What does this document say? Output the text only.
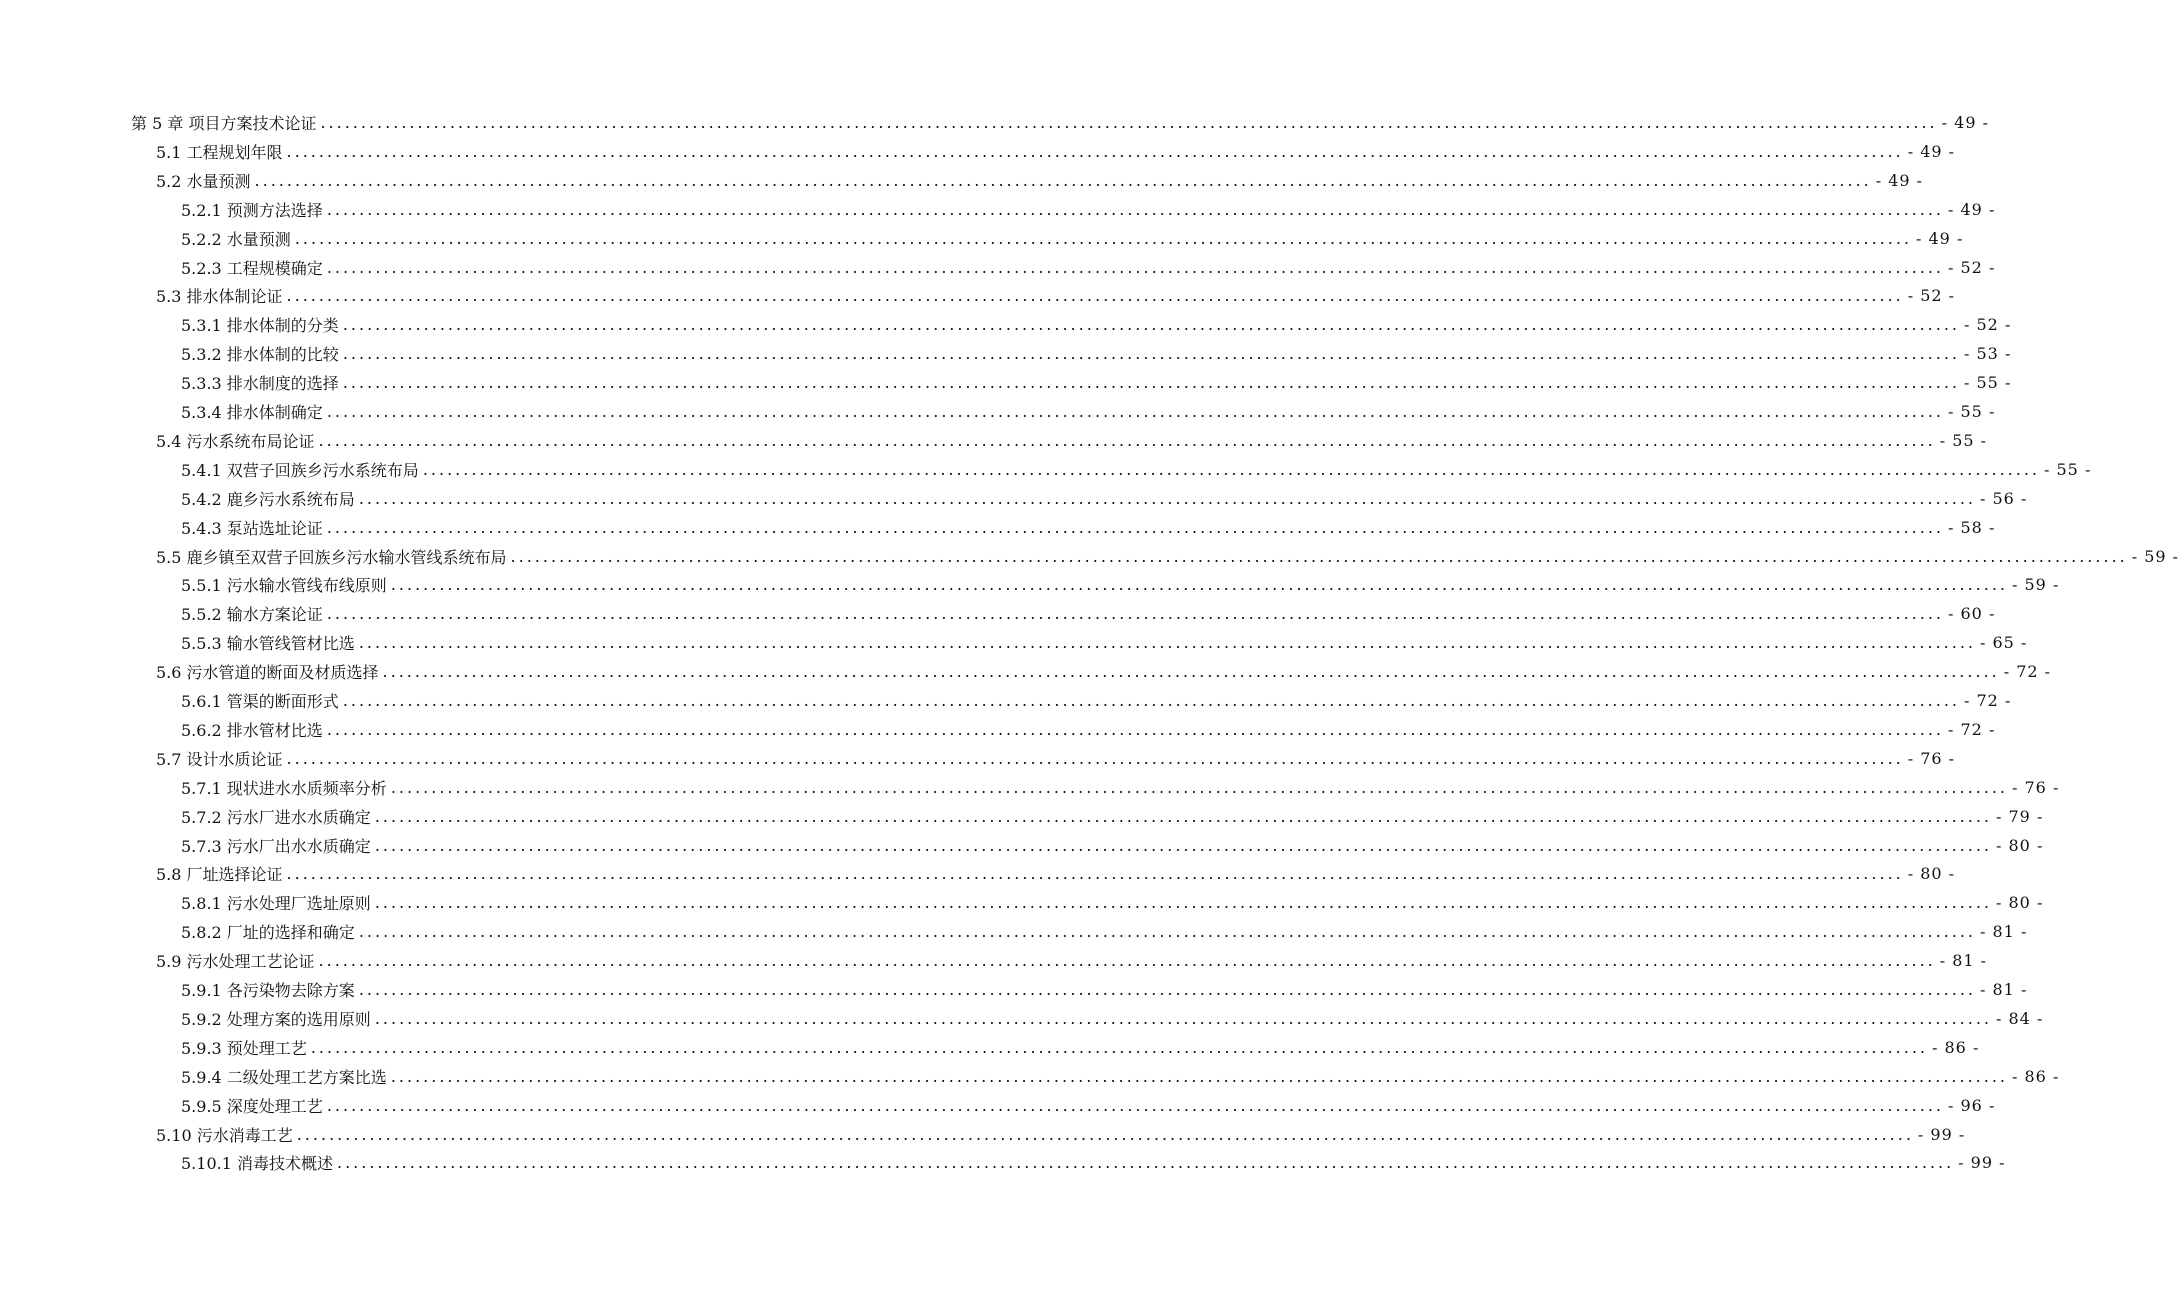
第 5 章 项目方案技术论证 ........................................................................................................................................................................................................ - 49 -
5.1 工程规划年限 ........................................................................................................................................................................................................ - 49 -
5.2 水量预测 ........................................................................................................................................................................................................ - 49 -
5.2.1 预测方法选择 ........................................................................................................................................................................................................ - 49 -
5.2.2 水量预测 ........................................................................................................................................................................................................ - 49 -
5.2.3 工程规模确定 ........................................................................................................................................................................................................ - 52 -
5.3 排水体制论证 ........................................................................................................................................................................................................ - 52 -
5.3.1 排水体制的分类 ........................................................................................................................................................................................................ - 52 -
5.3.2 排水体制的比较 ........................................................................................................................................................................................................ - 53 -
5.3.3 排水制度的选择 ........................................................................................................................................................................................................ - 55 -
5.3.4 排水体制确定 ........................................................................................................................................................................................................ - 55 -
5.4 污水系统布局论证 ........................................................................................................................................................................................................ - 55 -
5.4.1 双营子回族乡污水系统布局 ........................................................................................................................................................................................................ - 55 -
5.4.2 鹿乡污水系统布局 ........................................................................................................................................................................................................ - 56 -
5.4.3 泵站选址论证 ........................................................................................................................................................................................................ - 58 -
5.5 鹿乡镇至双营子回族乡污水输水管线系统布局 ........................................................................................................................................................................................................ - 59 -
5.5.1 污水输水管线布线原则 ........................................................................................................................................................................................................ - 59 -
5.5.2 输水方案论证 ........................................................................................................................................................................................................ - 60 -
5.5.3 输水管线管材比选 ........................................................................................................................................................................................................ - 65 -
5.6 污水管道的断面及材质选择 ........................................................................................................................................................................................................ - 72 -
5.6.1 管渠的断面形式 ........................................................................................................................................................................................................ - 72 -
5.6.2 排水管材比选 ........................................................................................................................................................................................................ - 72 -
5.7 设计水质论证 ........................................................................................................................................................................................................ - 76 -
5.7.1 现状进水水质频率分析 ........................................................................................................................................................................................................ - 76 -
5.7.2 污水厂进水水质确定 ........................................................................................................................................................................................................ - 79 -
5.7.3 污水厂出水水质确定 ........................................................................................................................................................................................................ - 80 -
5.8 厂址选择论证 ........................................................................................................................................................................................................ - 80 -
5.8.1 污水处理厂选址原则 ........................................................................................................................................................................................................ - 80 -
5.8.2 厂址的选择和确定 ........................................................................................................................................................................................................ - 81 -
5.9 污水处理工艺论证 ........................................................................................................................................................................................................ - 81 -
5.9.1 各污染物去除方案 ........................................................................................................................................................................................................ - 81 -
5.9.2 处理方案的选用原则 ........................................................................................................................................................................................................ - 84 -
5.9.3 预处理工艺 ........................................................................................................................................................................................................ - 86 -
5.9.4 二级处理工艺方案比选 ........................................................................................................................................................................................................ - 86 -
5.9.5 深度处理工艺 ........................................................................................................................................................................................................ - 96 -
5.10 污水消毒工艺 ........................................................................................................................................................................................................ - 99 -
5.10.1 消毒技术概述 ........................................................................................................................................................................................................ - 99 -
